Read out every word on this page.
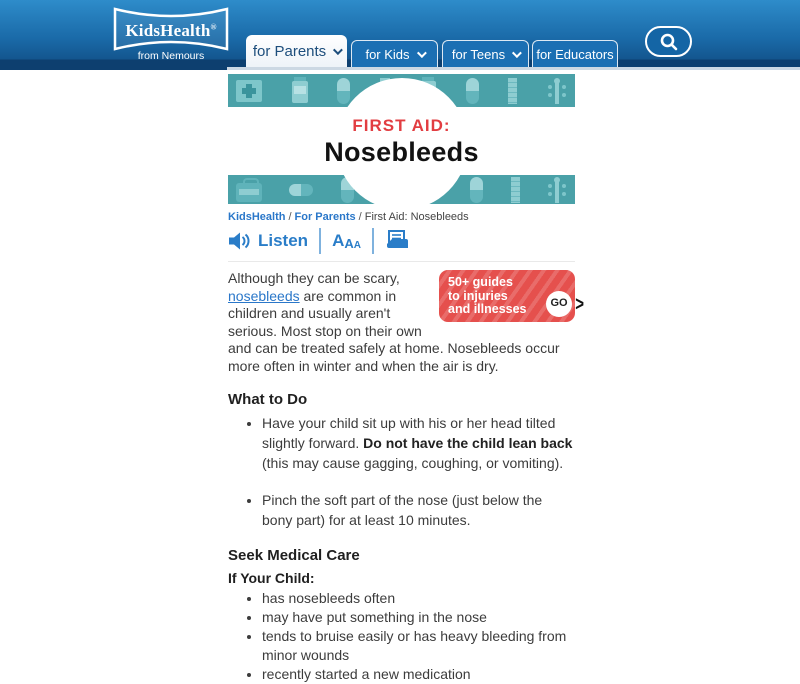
KidsHealth®
from Nemours	for Parents	for Kids	for Teens for Educators
FIRST AID:
Nosebleeds
KidsHealth / For Parents / First Aid: Nosebleeds
Listen A A A
50+ guides
to injuries
and illnesses	GO >
Although they can be scary, nosebleeds are common in children and usually aren't serious. Most stop on their own and can be treated safely at home. Nosebleeds occur more often in winter and when the air is dry.
What to Do
• Have your child sit up with his or her head tilted slightly forward. Do not have the child lean back (this may cause gagging, coughing, or vomiting).
• Pinch the soft part of the nose (just below the bony part) for at least 10 minutes.
Seek Medical Care
If Your Child:
• has nosebleeds often
• may have put something in the nose
• tends to bruise easily or has heavy bleeding from minor wounds
• recently started a new medication
